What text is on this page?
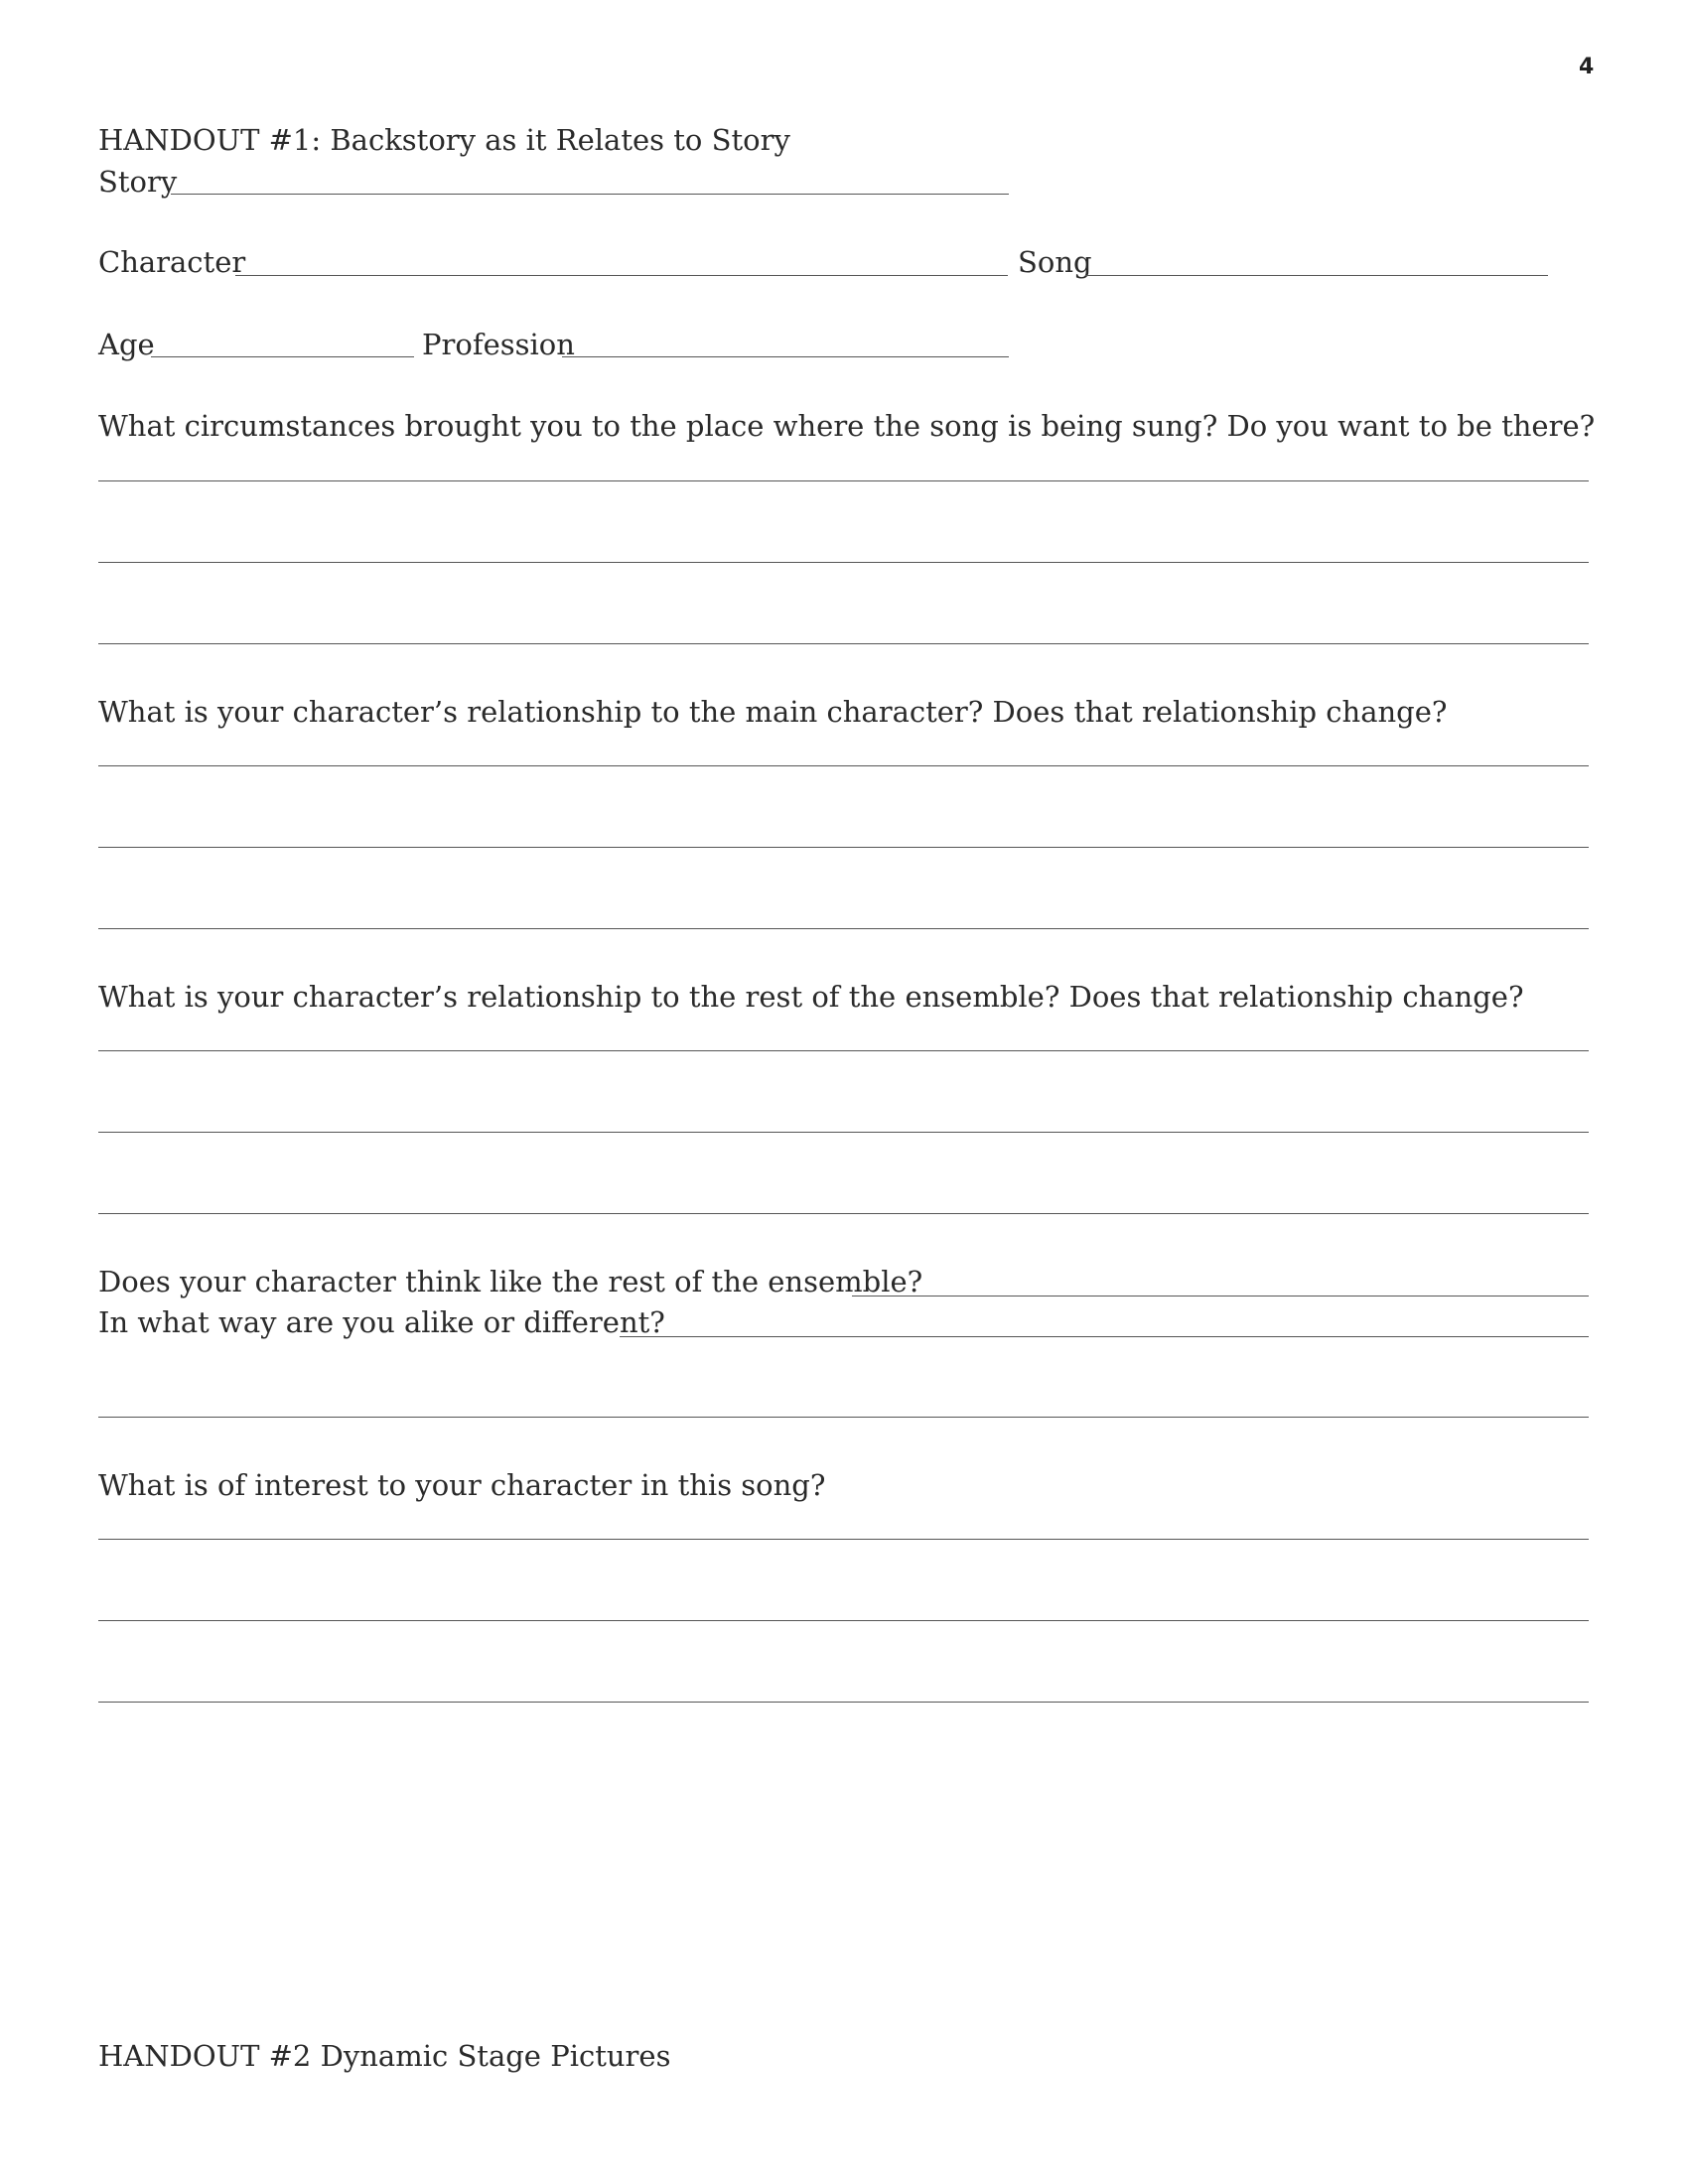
4
HANDOUT #1: Backstory as it Relates to Story
Story
Character	Song
Age	Profession
What circumstances brought you to the place where the song is being sung? Do you want to be there?
What is your character’s relationship to the main character? Does that relationship change?
What is your character’s relationship to the rest of the ensemble? Does that relationship change?
Does your character think like the rest of the ensemble?
In what way are you alike or different?
What is of interest to your character in this song?
HANDOUT #2 Dynamic Stage Pictures
